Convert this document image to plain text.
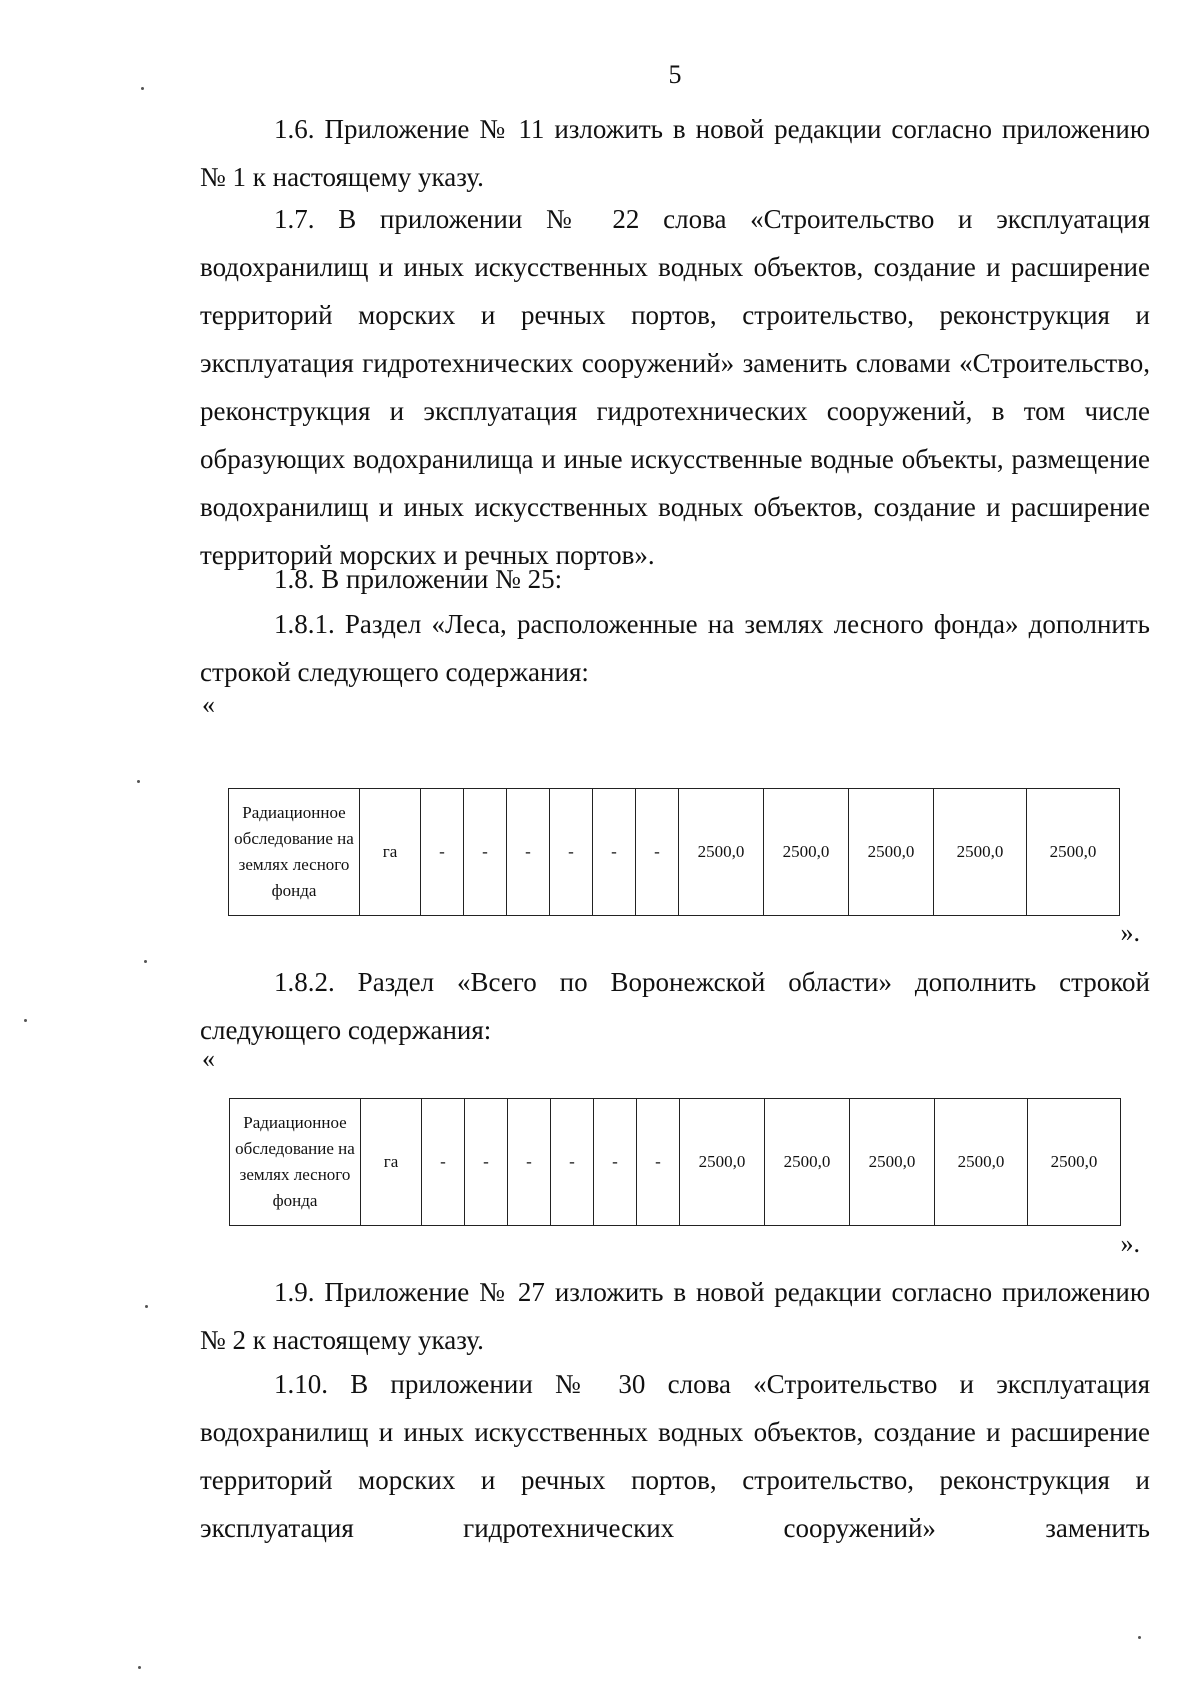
5

1.6. Приложение № 11 изложить в новой редакции согласно приложению № 1 к настоящему указу.

1.7. В приложении № 22 слова «Строительство и эксплуатация водохранилищ и иных искусственных водных объектов, создание и расширение территорий морских и речных портов, строительство, реконструкция и эксплуатация гидротехнических сооружений» заменить словами «Строительство, реконструкция и эксплуатация гидротехнических сооружений, в том числе образующих водохранилища и иные искусственные водные объекты, размещение водохранилищ и иных искусственных водных объектов, создание и расширение территорий морских и речных портов».

1.8. В приложении № 25:

1.8.1. Раздел «Леса, расположенные на землях лесного фонда» дополнить строкой следующего содержания:

«
Радиационное обследование на землях лесного фонда	га	-	-	-	-	-	-	2500,0	2500,0	2500,0	2500,0	2500,0
».

1.8.2. Раздел «Всего по Воронежской области» дополнить строкой следующего содержания:

«
Радиационное обследование на землях лесного фонда	га	-	-	-	-	-	-	2500,0	2500,0	2500,0	2500,0	2500,0
».

1.9. Приложение № 27 изложить в новой редакции согласно приложению № 2 к настоящему указу.

1.10. В приложении № 30 слова «Строительство и эксплуатация водохранилищ и иных искусственных водных объектов, создание и расширение территорий морских и речных портов, строительство, реконструкция и эксплуатация гидротехнических сооружений» заменить
